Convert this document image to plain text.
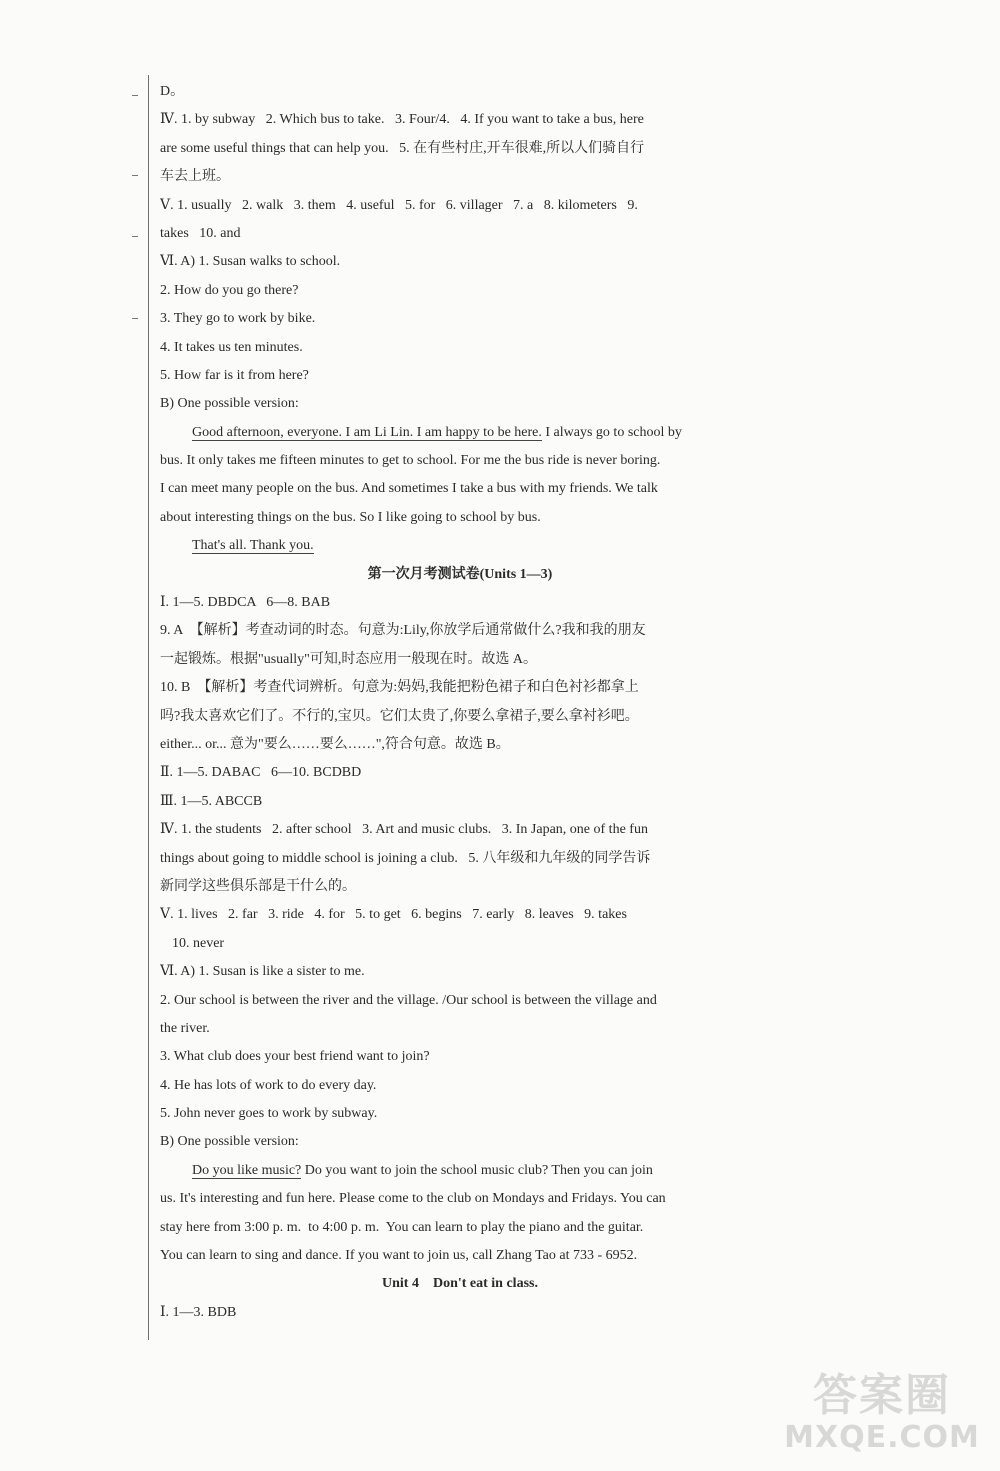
D。
Ⅳ. 1. by subway   2. Which bus to take.   3. Four/4.   4. If you want to take a bus, here
are some useful things that can help you.   5. 在有些村庄,开车很难,所以人们骑自行
车去上班。
Ⅴ. 1. usually   2. walk   3. them   4. useful   5. for   6. villager   7. a   8. kilometers   9.
takes   10. and
Ⅵ. A) 1. Susan walks to school.
2. How do you go there?
3. They go to work by bike.
4. It takes us ten minutes.
5. How far is it from here?
B) One possible version:
Good afternoon, everyone. I am Li Lin. I am happy to be here. I always go to school by
bus. It only takes me fifteen minutes to get to school. For me the bus ride is never boring.
I can meet many people on the bus. And sometimes I take a bus with my friends. We talk
about interesting things on the bus. So I like going to school by bus.
That's all. Thank you.
第一次月考测试卷(Units 1—3)
Ⅰ. 1—5. DBDCA   6—8. BAB
9. A  【解析】考查动词的时态。句意为:Lily,你放学后通常做什么?我和我的朋友
一起锻炼。根据"usually"可知,时态应用一般现在时。故选 A。
10. B  【解析】考查代词辨析。句意为:妈妈,我能把粉色裙子和白色衬衫都拿上
吗?我太喜欢它们了。不行的,宝贝。它们太贵了,你要么拿裙子,要么拿衬衫吧。
either... or... 意为"要么……要么……",符合句意。故选 B。
Ⅱ. 1—5. DABAC   6—10. BCDBD
Ⅲ. 1—5. ABCCB
Ⅳ. 1. the students   2. after school   3. Art and music clubs.   3. In Japan, one of the fun
things about going to middle school is joining a club.   5. 八年级和九年级的同学告诉
新同学这些俱乐部是干什么的。
Ⅴ. 1. lives   2. far   3. ride   4. for   5. to get   6. begins   7. early   8. leaves   9. takes
10. never
Ⅵ. A) 1. Susan is like a sister to me.
2. Our school is between the river and the village. /Our school is between the village and
the river.
3. What club does your best friend want to join?
4. He has lots of work to do every day.
5. John never goes to work by subway.
B) One possible version:
Do you like music? Do you want to join the school music club? Then you can join
us. It's interesting and fun here. Please come to the club on Mondays and Fridays. You can
stay here from 3:00 p. m.  to 4:00 p. m.  You can learn to play the piano and the guitar.
You can learn to sing and dance. If you want to join us, call Zhang Tao at 733 - 6952.
Unit 4    Don't eat in class.
Ⅰ. 1—3. BDB
答案圈
MXQE.COM
